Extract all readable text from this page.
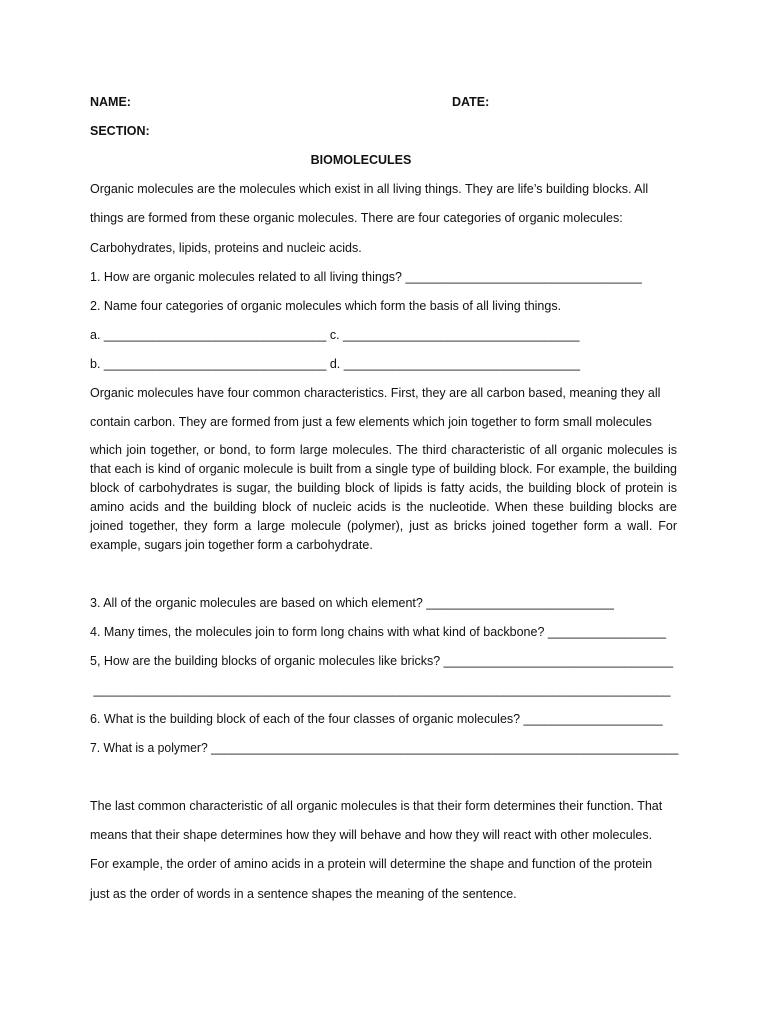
NAME:	DATE:
SECTION:
BIOMOLECULES
Organic molecules are the molecules which exist in all living things. They are life’s building blocks. All
things are formed from these organic molecules. There are four categories of organic molecules:
Carbohydrates, lipids, proteins and nucleic acids.
1. How are organic molecules related to all living things? __________________________________
2. Name four categories of organic molecules which form the basis of all living things.
a. ________________________________ c. __________________________________
b. ________________________________ d. __________________________________
Organic molecules have four common characteristics. First, they are all carbon based, meaning they all
contain carbon. They are formed from just a few elements which join together to form small molecules

which join together, or bond, to form large molecules. The third characteristic of all organic molecules is that each is kind of organic molecule is built from a single type of building block. For example, the building block of carbohydrates is sugar, the building block of lipids is fatty acids, the building block of protein is amino acids and the building block of nucleic acids is the nucleotide. When these building blocks are joined together, they form a large molecule (polymer), just as bricks joined together form a wall. For example, sugars join together form a carbohydrate.

3. All of the organic molecules are based on which element? ___________________________
4. Many times, the molecules join to form long chains with what kind of backbone? _________________
5, How are the building blocks of organic molecules like bricks? _________________________________
___________________________________________________________________________________
6. What is the building block of each of the four classes of organic molecules? ____________________
7. What is a polymer? _____________________________________________________________________
The last common characteristic of all organic molecules is that their form determines their function. That
means that their shape determines how they will behave and how they will react with other molecules.
For example, the order of amino acids in a protein will determine the shape and function of the protein
just as the order of words in a sentence shapes the meaning of the sentence.
